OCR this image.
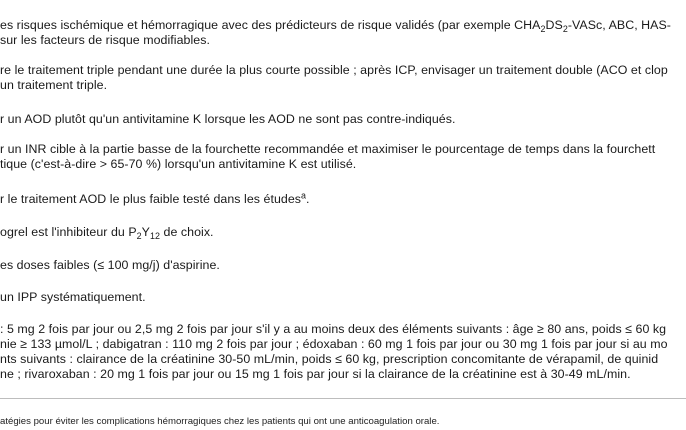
es risques ischémique et hémorragique avec des prédicteurs de risque validés (par exemple $CHA_2DS_2$-VASc, ABC, HAS-
sur les facteurs de risque modifiables.
re le traitement triple pendant une durée la plus courte possible ; après ICP, envisager un traitement double (ACO et clop
un traitement triple.
r un AOD plutôt qu'un antivitamine K lorsque les AOD ne sont pas contre-indiqués.
r un INR cible à la partie basse de la fourchette recommandée et maximiser le pourcentage de temps dans la fourchett
tique (c'est-à-dire > 65-70 %) lorsqu'un antivitamine K est utilisé.
r le traitement AOD le plus faible testé dans les études$^a$.
ogrel est l'inhibiteur du $P_2Y_{12}$ de choix.
es doses faibles (≤ 100 mg/j) d'aspirine.
un IPP systématiquement.
: 5 mg 2 fois par jour ou 2,5 mg 2 fois par jour s'il y a au moins deux des éléments suivants : âge ≥ 80 ans, poids ≤ 60 kg
nie ≥ 133 µmol/L ; dabigatran : 110 mg 2 fois par jour ; édoxaban : 60 mg 1 fois par jour ou 30 mg 1 fois par jour si au mo
nts suivants : clairance de la créatinine 30-50 mL/min, poids ≤ 60 kg, prescription concomitante de vérapamil, de quinid
ne ; rivaroxaban : 20 mg 1 fois par jour ou 15 mg 1 fois par jour si la clairance de la créatinine est à 30-49 mL/min.
atégies pour éviter les complications hémorragiques chez les patients qui ont une anticoagulation orale.
